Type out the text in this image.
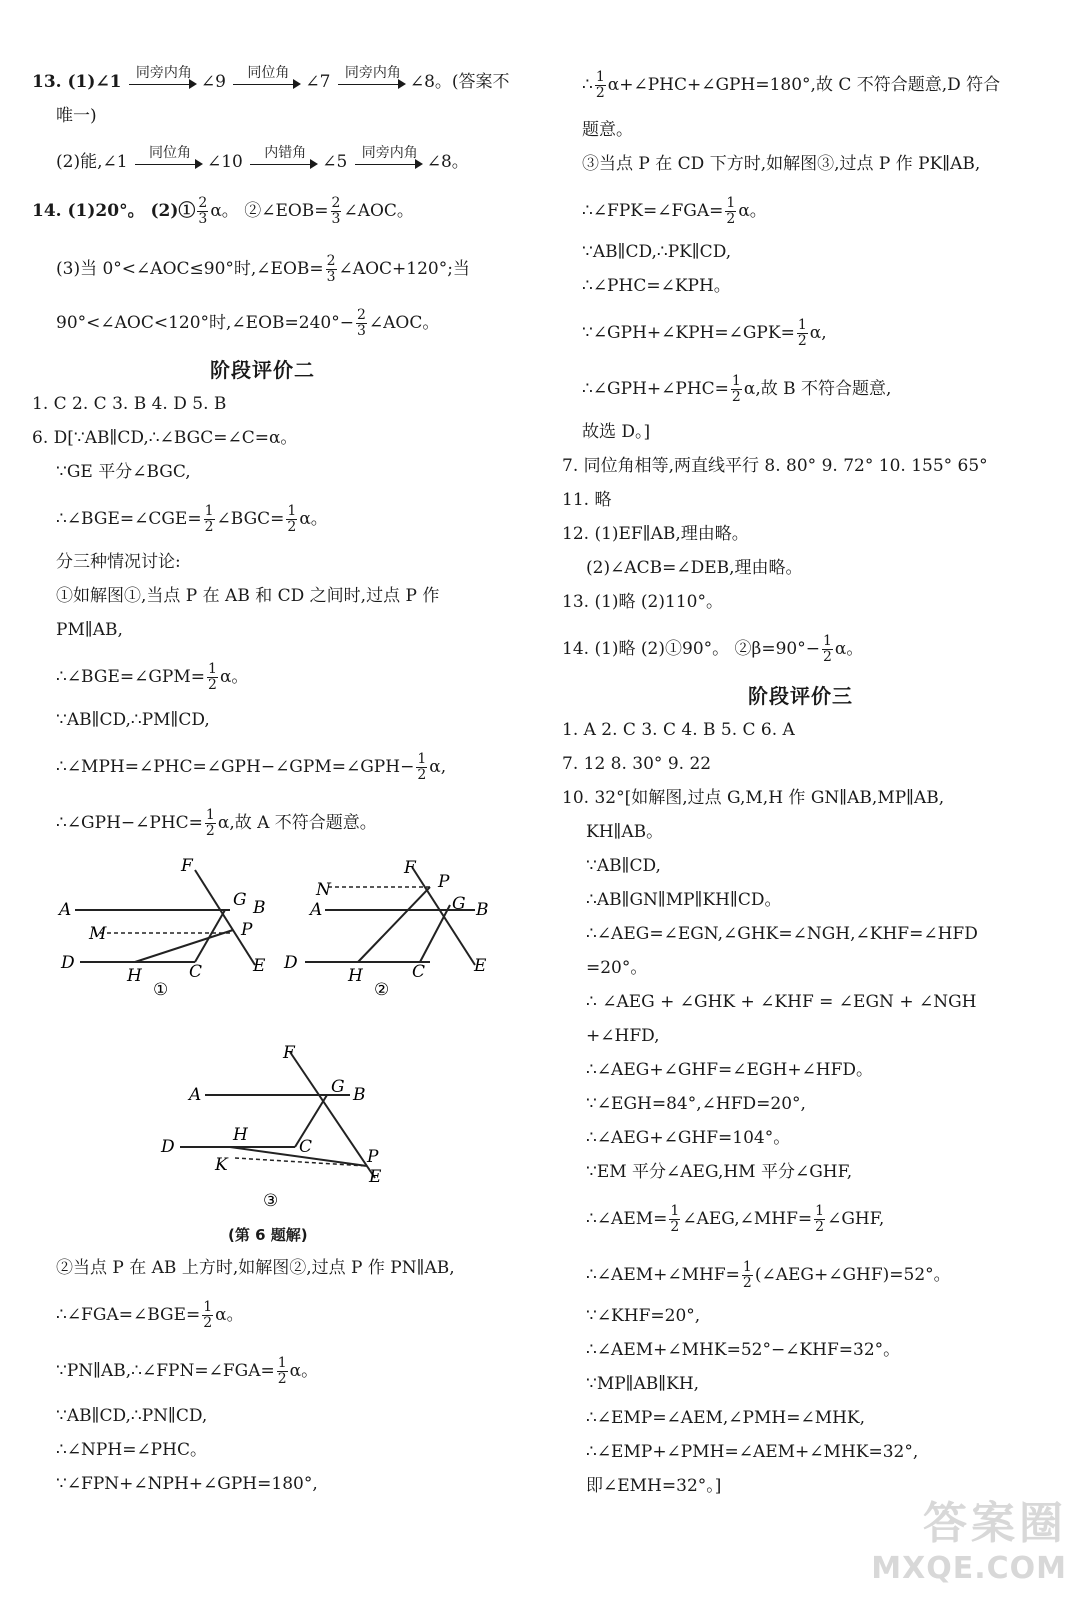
13. (1)∠1	同旁内角 ∠9	同位角 ∠7	同旁内角 ∠8。(答案不
唯一)
(2)能,∠1	同位角 ∠10	内错角 ∠5	同旁内角 ∠8。
14. (1)20°。 (2)① $\frac{2}{3}$ α。 ②∠EOB= $\frac{2}{3}$ ∠AOC。
(3)当 0°<∠AOC≤90°时,∠EOB= $\frac{2}{3}$ ∠AOC+120°;当
90°<∠AOC<120°时,∠EOB=240°− $\frac{2}{3}$ ∠AOC。
阶段评价二
1. C 2. C 3. B 4. D 5. B
6. D[∵AB∥CD,∴∠BGC=∠C=α。
∵GE 平分∠BGC,
∴∠BGE=∠CGE= $\frac{1}{2}$ ∠BGC= $\frac{1}{2}$ α。
分三种情况讨论:
①如解图①,当点 P 在 AB 和 CD 之间时,过点 P 作
PM∥AB,
∴∠BGE=∠GPM= $\frac{1}{2}$ α。
∵AB∥CD,∴PM∥CD,
∴∠MPH=∠PHC=∠GPH−∠GPM=∠GPH− $\frac{1}{2} \alpha$,
∴∠GPH−∠PHC= $\frac{1}{2} \alpha$,故 A 不符合题意。
F
A	G B
M	P
D
H	C	E
①
F
N	P
A	G B
D
H	C	E
②
F
A	G B
D
H
C
K	P
E
③
(第 6 题解)
②当点 P 在 AB 上方时,如解图②,过点 P 作 PN∥AB,
∴∠FGA=∠BGE= $\frac{1}{2}$ α。
∵PN∥AB,∴∠FPN=∠FGA= $\frac{1}{2}$ α。
∵AB∥CD,∴PN∥CD,
∴∠NPH=∠PHC。
∵∠FPN+∠NPH+∠GPH=180°,
∴ $\frac{1}{2}$ α+∠PHC+∠GPH=180°,故 C 不符合题意,D 符合
题意。
③当点 P 在 CD 下方时,如解图③,过点 P 作 PK∥AB,
∴∠FPK=∠FGA= $\frac{1}{2}$ α。
∵AB∥CD,∴PK∥CD,
∴∠PHC=∠KPH。
∵∠GPH+∠KPH=∠GPK= $\frac{1}{2} \alpha$,
∴∠GPH+∠PHC= $\frac{1}{2} \alpha$,故 B 不符合题意,
故选 D。]
7. 同位角相等,两直线平行 8. 80° 9. 72° 10. 155° 65°
11. 略
12. (1)EF∥AB,理由略。
(2)∠ACB=∠DEB,理由略。
13. (1)略 (2)110°。
14. (1)略 (2)①90°。 ②β=90°− $\frac{1}{2}$ α。
阶段评价三
1. A 2. C 3. C 4. B 5. C 6. A
7. 12 8. 30° 9. 22
10. 32°[如解图,过点 G,M,H 作 GN∥AB,MP∥AB,
KH∥AB。
∵AB∥CD,
∴AB∥GN∥MP∥KH∥CD。
∴∠AEG=∠EGN,∠GHK=∠NGH,∠KHF=∠HFD
=20°。
∴ ∠AEG + ∠GHK + ∠KHF = ∠EGN + ∠NGH
+∠HFD,
∴∠AEG+∠GHF=∠EGH+∠HFD。
∵∠EGH=84°,∠HFD=20°,
∴∠AEG+∠GHF=104°。
∵EM 平分∠AEG,HM 平分∠GHF,
∴∠AEM= $\frac{1}{2}$ ∠AEG,∠MHF= $\frac{1}{2}$ ∠GHF,
∴∠AEM+∠MHF= $\frac{1}{2}$ (∠AEG+∠GHF)=52°。
∵∠KHF=20°,
∴∠AEM+∠MHK=52°−∠KHF=32°。
∵MP∥AB∥KH,
∴∠EMP=∠AEM,∠PMH=∠MHK,
∴∠EMP+∠PMH=∠AEM+∠MHK=32°,
即∠EMH=32°。]
答案圈
MXQE.COM
